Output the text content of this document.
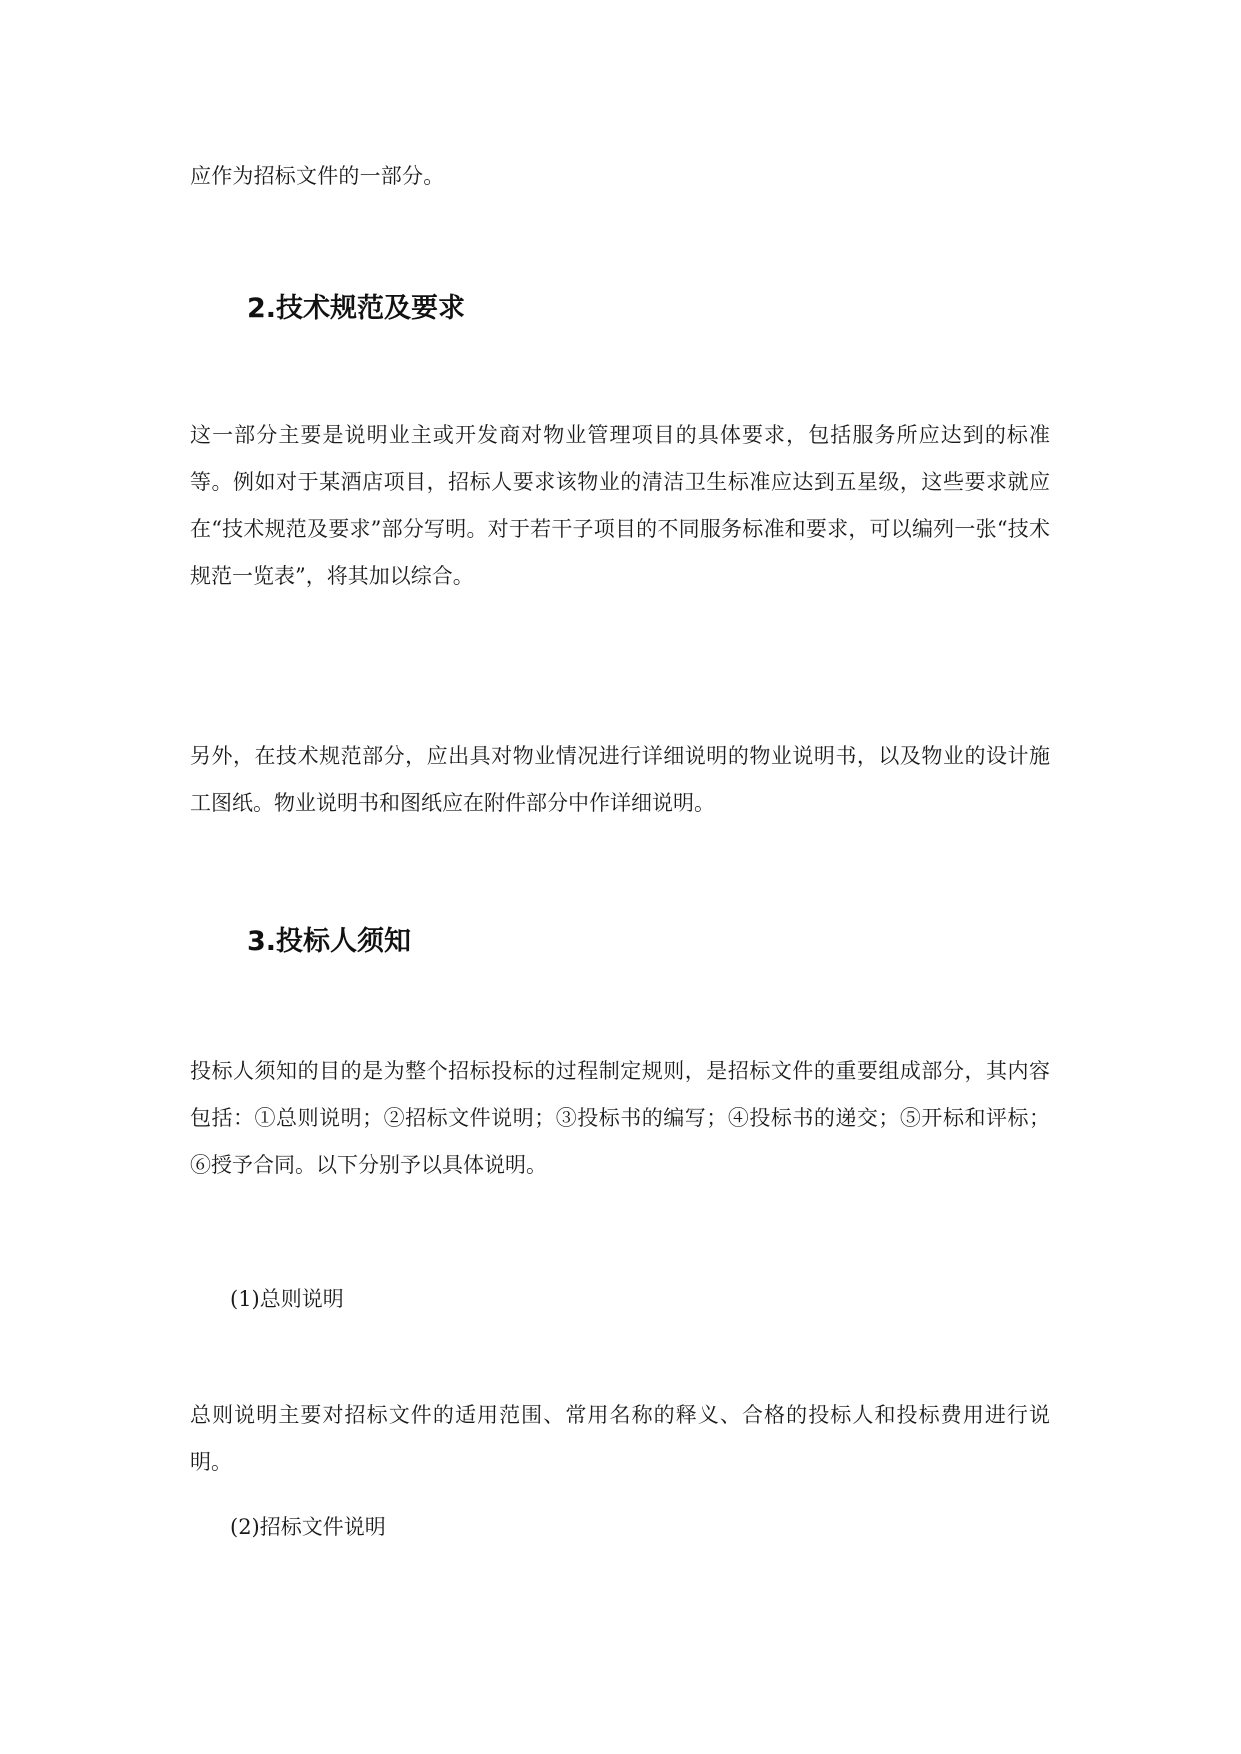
应作为招标文件的一部分。
2.技术规范及要求
这一部分主要是说明业主或开发商对物业管理项目的具体要求，包括服务所应达到的标准等。例如对于某酒店项目，招标人要求该物业的清洁卫生标准应达到五星级，这些要求就应在“技术规范及要求”部分写明。对于若干子项目的不同服务标准和要求，可以编列一张“技术规范一览表”，将其加以综合。
另外，在技术规范部分，应出具对物业情况进行详细说明的物业说明书，以及物业的设计施工图纸。物业说明书和图纸应在附件部分中作详细说明。
3.投标人须知
投标人须知的目的是为整个招标投标的过程制定规则，是招标文件的重要组成部分，其内容包括：①总则说明；②招标文件说明；③投标书的编写；④投标书的递交；⑤开标和评标；⑥授予合同。以下分别予以具体说明。
(1)总则说明
总则说明主要对招标文件的适用范围、常用名称的释义、合格的投标人和投标费用进行说明。
(2)招标文件说明
